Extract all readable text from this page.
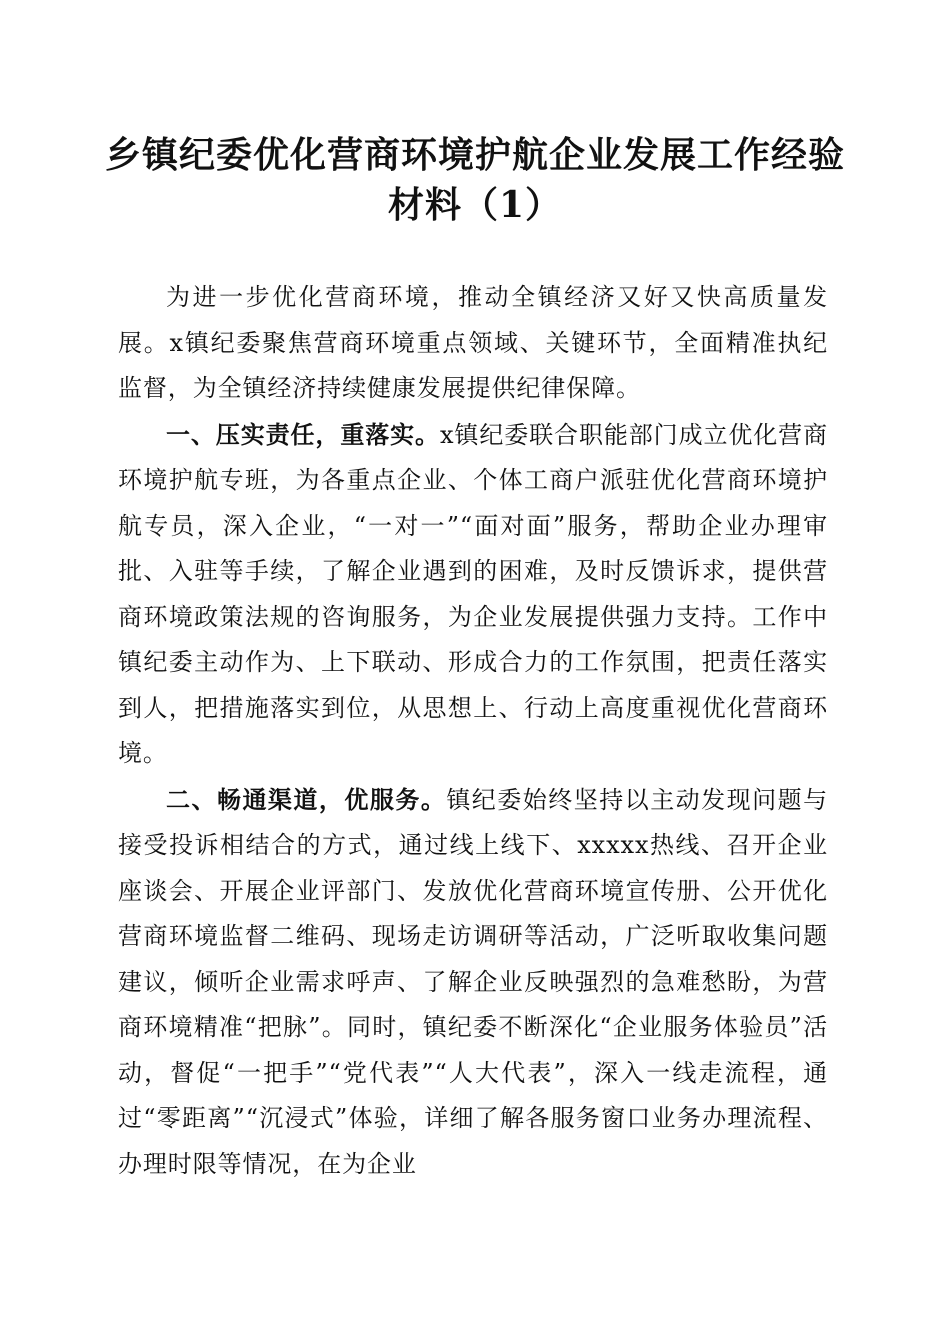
乡镇纪委优化营商环境护航企业发展工作经验材料（1）

为进一步优化营商环境，推动全镇经济又好又快高质量发展。x镇纪委聚焦营商环境重点领域、关键环节，全面精准执纪监督，为全镇经济持续健康发展提供纪律保障。

一、压实责任，重落实。x镇纪委联合职能部门成立优化营商环境护航专班，为各重点企业、个体工商户派驻优化营商环境护航专员，深入企业，“一对一”“面对面”服务，帮助企业办理审批、入驻等手续，了解企业遇到的困难，及时反馈诉求，提供营商环境政策法规的咨询服务，为企业发展提供强力支持。工作中镇纪委主动作为、上下联动、形成合力的工作氛围，把责任落实到人，把措施落实到位，从思想上、行动上高度重视优化营商环境。

二、畅通渠道，优服务。镇纪委始终坚持以主动发现问题与接受投诉相结合的方式，通过线上线下、xxxxx热线、召开企业座谈会、开展企业评部门、发放优化营商环境宣传册、公开优化营商环境监督二维码、现场走访调研等活动，广泛听取收集问题建议，倾听企业需求呼声、了解企业反映强烈的急难愁盼，为营商环境精准“把脉”。同时，镇纪委不断深化“企业服务体验员”活动，督促“一把手”“党代表”“人大代表”，深入一线走流程，通过“零距离”“沉浸式”体验，详细了解各服务窗口业务办理流程、办理时限等情况，在为企业
